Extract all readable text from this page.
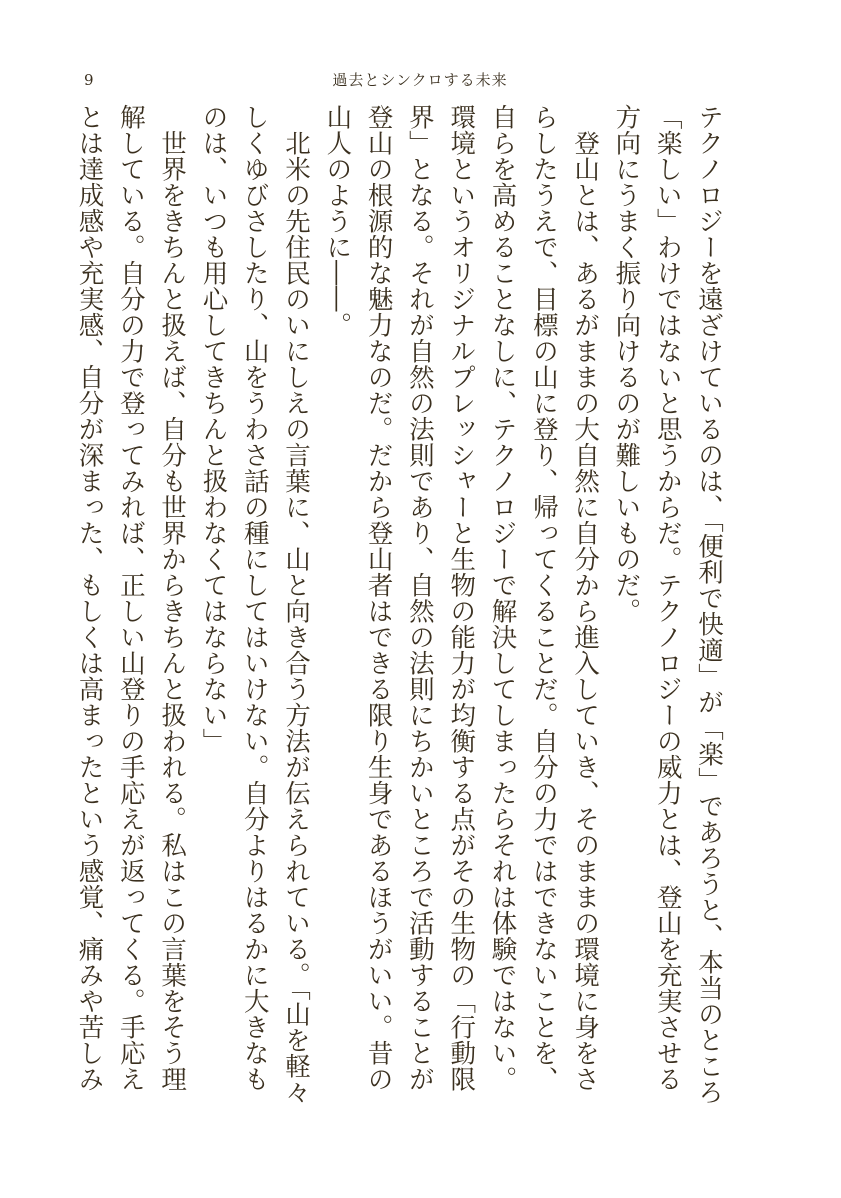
9	過去とシンクロする未来

テクノロジーを遠ざけているのは、「便利で快適」が「楽」であろうと、本当のところ「楽しい」わけではないと思うからだ。テクノロジーの威力とは、登山を充実させる方向にうまく振り向けるのが難しいものだ。

登山とは、あるがままの大自然に自分から進入していき、そのままの環境に身をさらしたうえで、目標の山に登り、帰ってくることだ。自分の力ではできないことを、自らを高めることなしに、テクノロジーで解決してしまったらそれは体験ではない。環境というオリジナルプレッシャーと生物の能力が均衡する点がその生物の「行動限界」となる。それが自然の法則であり、自然の法則にちかいところで活動することが登山の根源的な魅力なのだ。だから登山者はできる限り生身であるほうがいい。昔の山人のように――。

北米の先住民のいにしえの言葉に、山と向き合う方法が伝えられている。「山を軽々しくゆびさしたり、山をうわさ話の種にしてはいけない。自分よりはるかに大きなものは、いつも用心してきちんと扱わなくてはならない」

世界をきちんと扱えば、自分も世界からきちんと扱われる。私はこの言葉をそう理解している。自分の力で登ってみれば、正しい山登りの手応えが返ってくる。手応えとは達成感や充実感、自分が深まった、もしくは高まったという感覚、痛みや苦しみ
